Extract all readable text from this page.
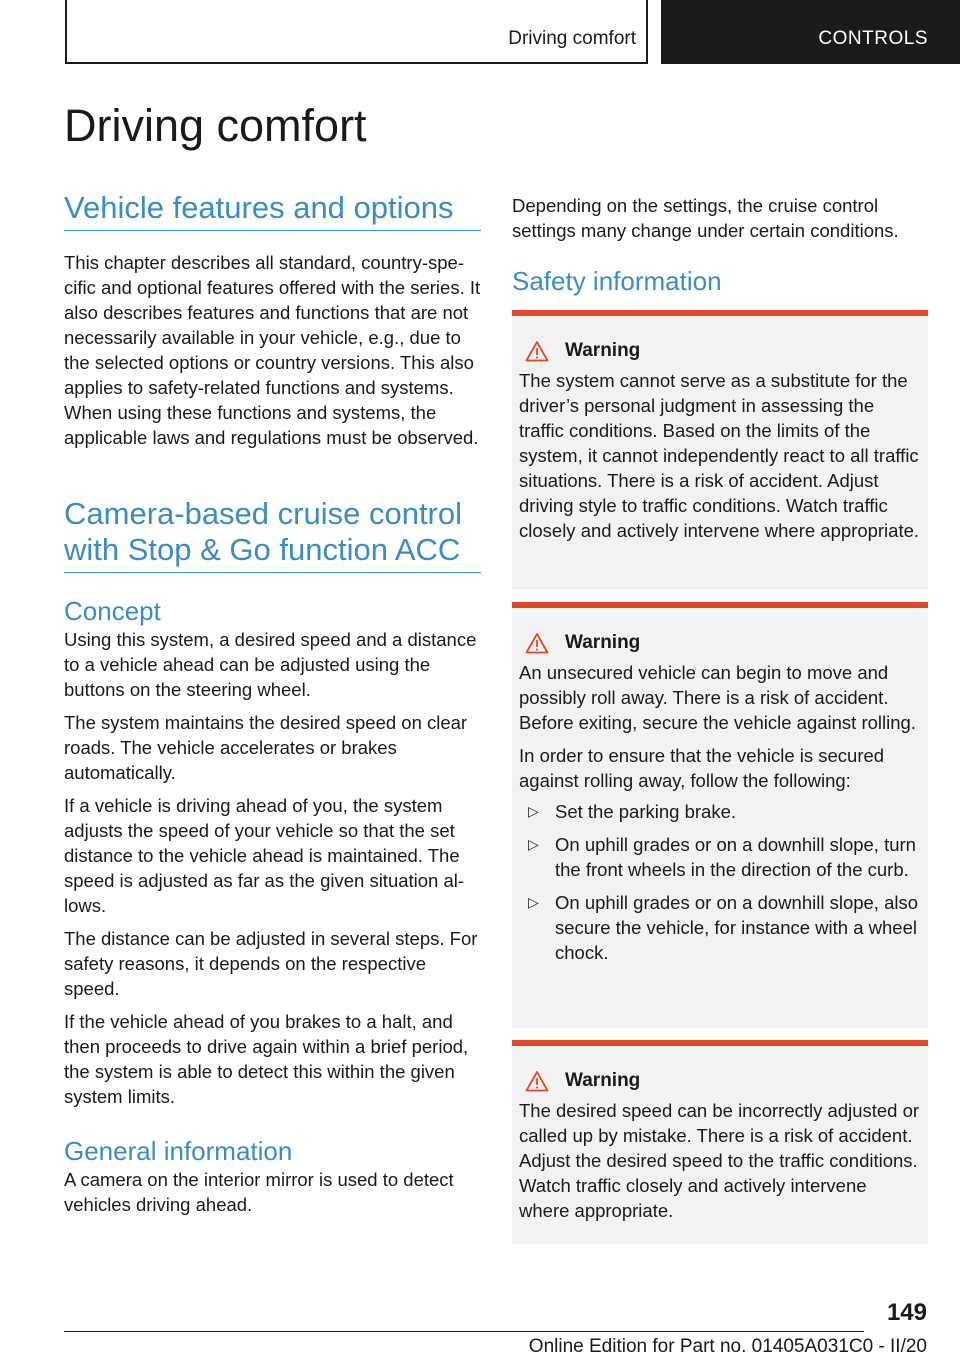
Driving comfort	CONTROLS
Driving comfort
Vehicle features and options

This chapter describes all standard, country-specific and optional features offered with the series. It also describes features and functions that are not necessarily available in your vehicle, e.g., due to the selected options or country versions. This also applies to safety-related functions and systems. When using these functions and systems, the applicable laws and regulations must be observed.

Camera-based cruise control with Stop & Go function ACC
Concept

Using this system, a desired speed and a distance to a vehicle ahead can be adjusted using the buttons on the steering wheel.

The system maintains the desired speed on clear roads. The vehicle accelerates or brakes automatically.

If a vehicle is driving ahead of you, the system adjusts the speed of your vehicle so that the set distance to the vehicle ahead is maintained. The speed is adjusted as far as the given situation allows.

The distance can be adjusted in several steps. For safety reasons, it depends on the respective speed.

If the vehicle ahead of you brakes to a halt, and then proceeds to drive again within a brief period, the system is able to detect this within the given system limits.

General information

A camera on the interior mirror is used to detect vehicles driving ahead.

Depending on the settings, the cruise control settings many change under certain conditions.

Safety information
Warning

The system cannot serve as a substitute for the driver’s personal judgment in assessing the traffic conditions. Based on the limits of the system, it cannot independently react to all traffic situations. There is a risk of accident. Adjust driving style to traffic conditions. Watch traffic closely and actively intervene where appropriate.

Warning

An unsecured vehicle can begin to move and possibly roll away. There is a risk of accident. Before exiting, secure the vehicle against rolling.

In order to ensure that the vehicle is secured against rolling away, follow the following:

▷ Set the parking brake.
▷ On uphill grades or on a downhill slope, turn the front wheels in the direction of the curb.
▷ On uphill grades or on a downhill slope, also secure the vehicle, for instance with a wheel chock.
Warning

The desired speed can be incorrectly adjusted or called up by mistake. There is a risk of accident. Adjust the desired speed to the traffic conditions. Watch traffic closely and actively intervene where appropriate.

149
Online Edition for Part no. 01405A031C0 - II/20
